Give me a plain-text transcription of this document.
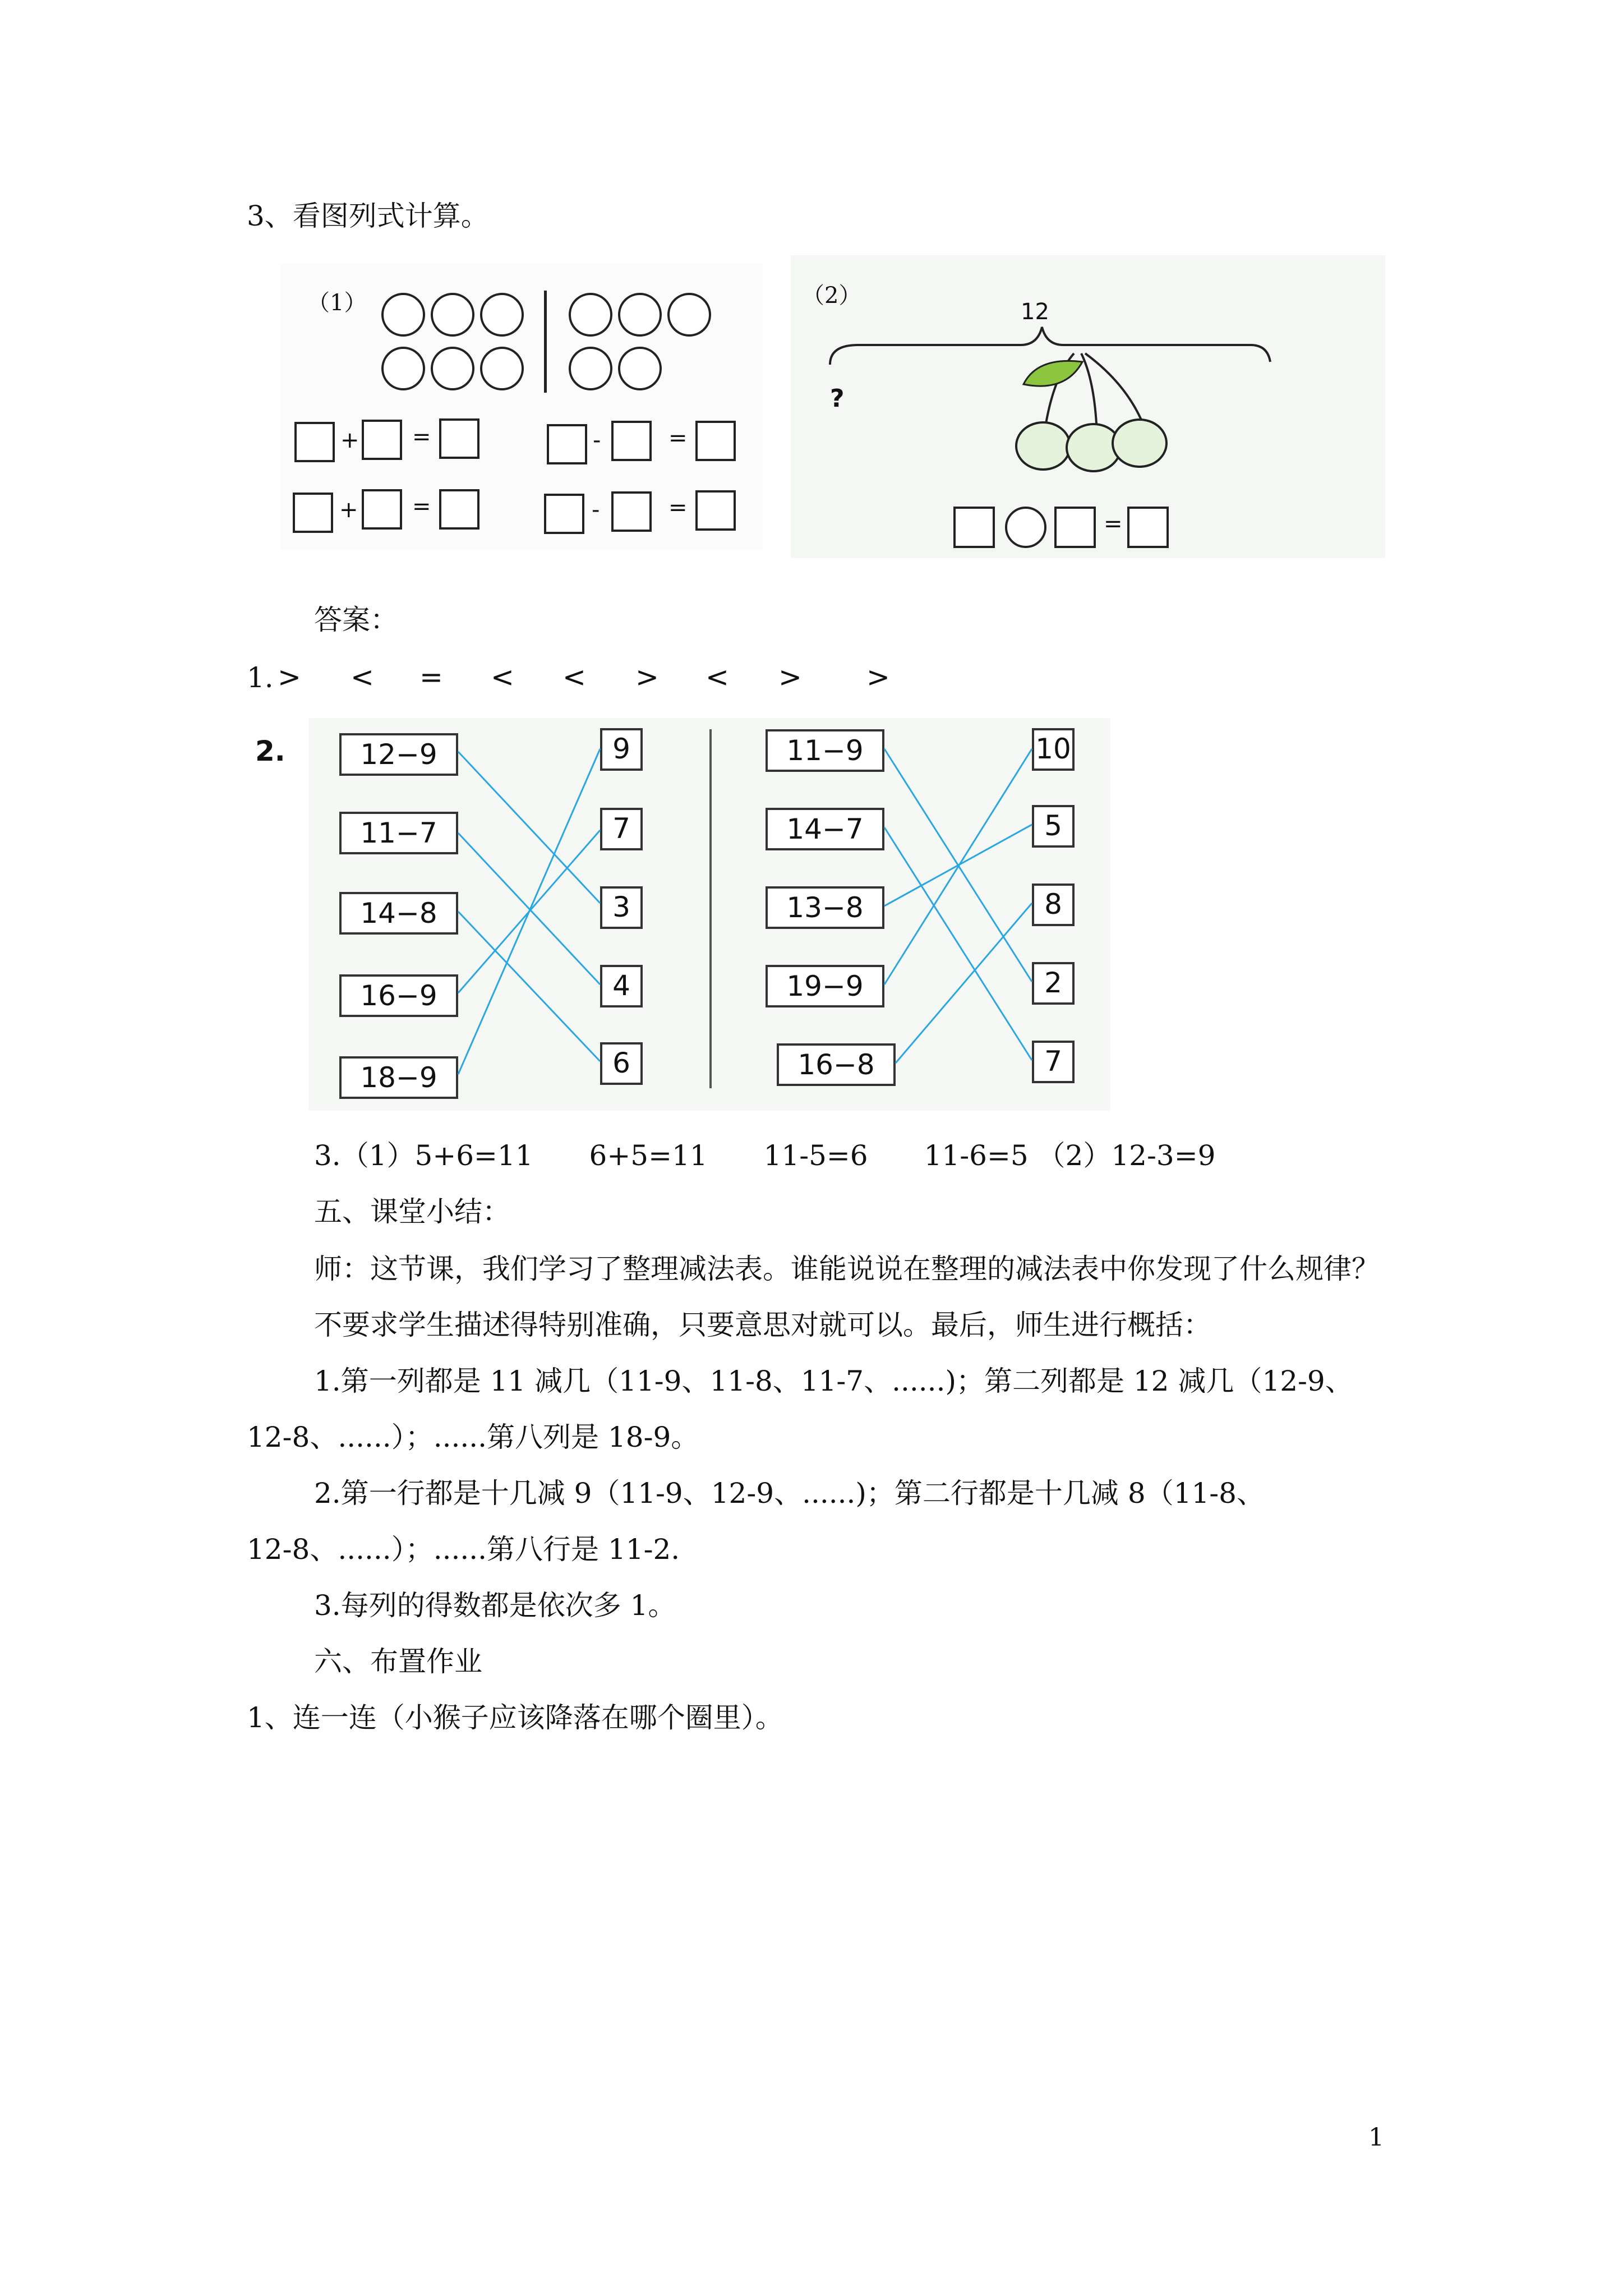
3、看图列式计算。
（1）
+ =	-	=
+ =	-	=
（2）
12
?
=
答案：
1. > < = < < > < > >
2.	12−9
11−7
14−8
16−9
18−9
9
7
3
4
6
11−9
14−7
13−8
19−9
16−8
10
5
8
2
7
3.（1）5+6=11　　6+5=11　　11-5=6　　11-6=5 （2）12-3=9
五、课堂小结：
师：这节课，我们学习了整理减法表。谁能说说在整理的减法表中你发现了什么规律？
不要求学生描述得特别准确，只要意思对就可以。最后，师生进行概括：
1.第一列都是 11 减几（11-9、11-8、11-7、......)；第二列都是 12 减几（12-9、
12-8、......）；......第八列是 18-9。
2.第一行都是十几减 9（11-9、12-9、......)；第二行都是十几减 8（11-8、
12-8、......）；......第八行是 11-2.
3.每列的得数都是依次多 1。
六、布置作业
1、连一连（小猴子应该降落在哪个圈里）。
1
